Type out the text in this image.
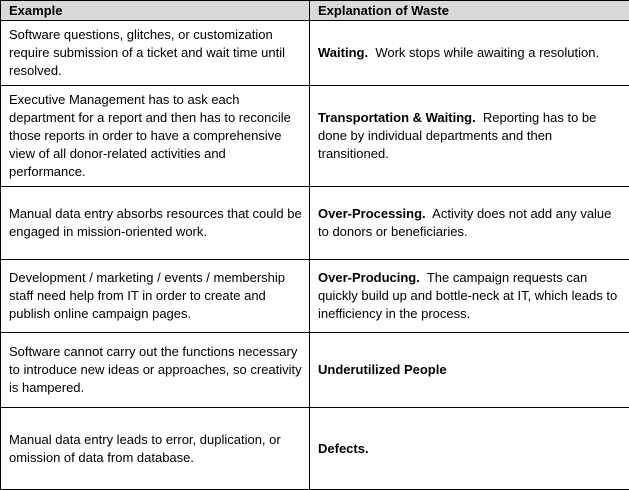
Example	Explanation of Waste
Software questions, glitches, or customization require submission of a ticket and wait time until resolved.	Waiting. Work stops while awaiting a resolution.
Executive Management has to ask each department for a report and then has to reconcile those reports in order to have a comprehensive view of all donor-related activities and performance.	Transportation & Waiting. Reporting has to be done by individual departments and then transitioned.
Manual data entry absorbs resources that could be engaged in mission-oriented work.	Over-Processing. Activity does not add any value to donors or beneficiaries.
Development / marketing / events / membership staff need help from IT in order to create and publish online campaign pages.	Over-Producing. The campaign requests can quickly build up and bottle-neck at IT, which leads to inefficiency in the process.
Software cannot carry out the functions necessary to introduce new ideas or approaches, so creativity is hampered.	Underutilized People
Manual data entry leads to error, duplication, or omission of data from database.	Defects.
